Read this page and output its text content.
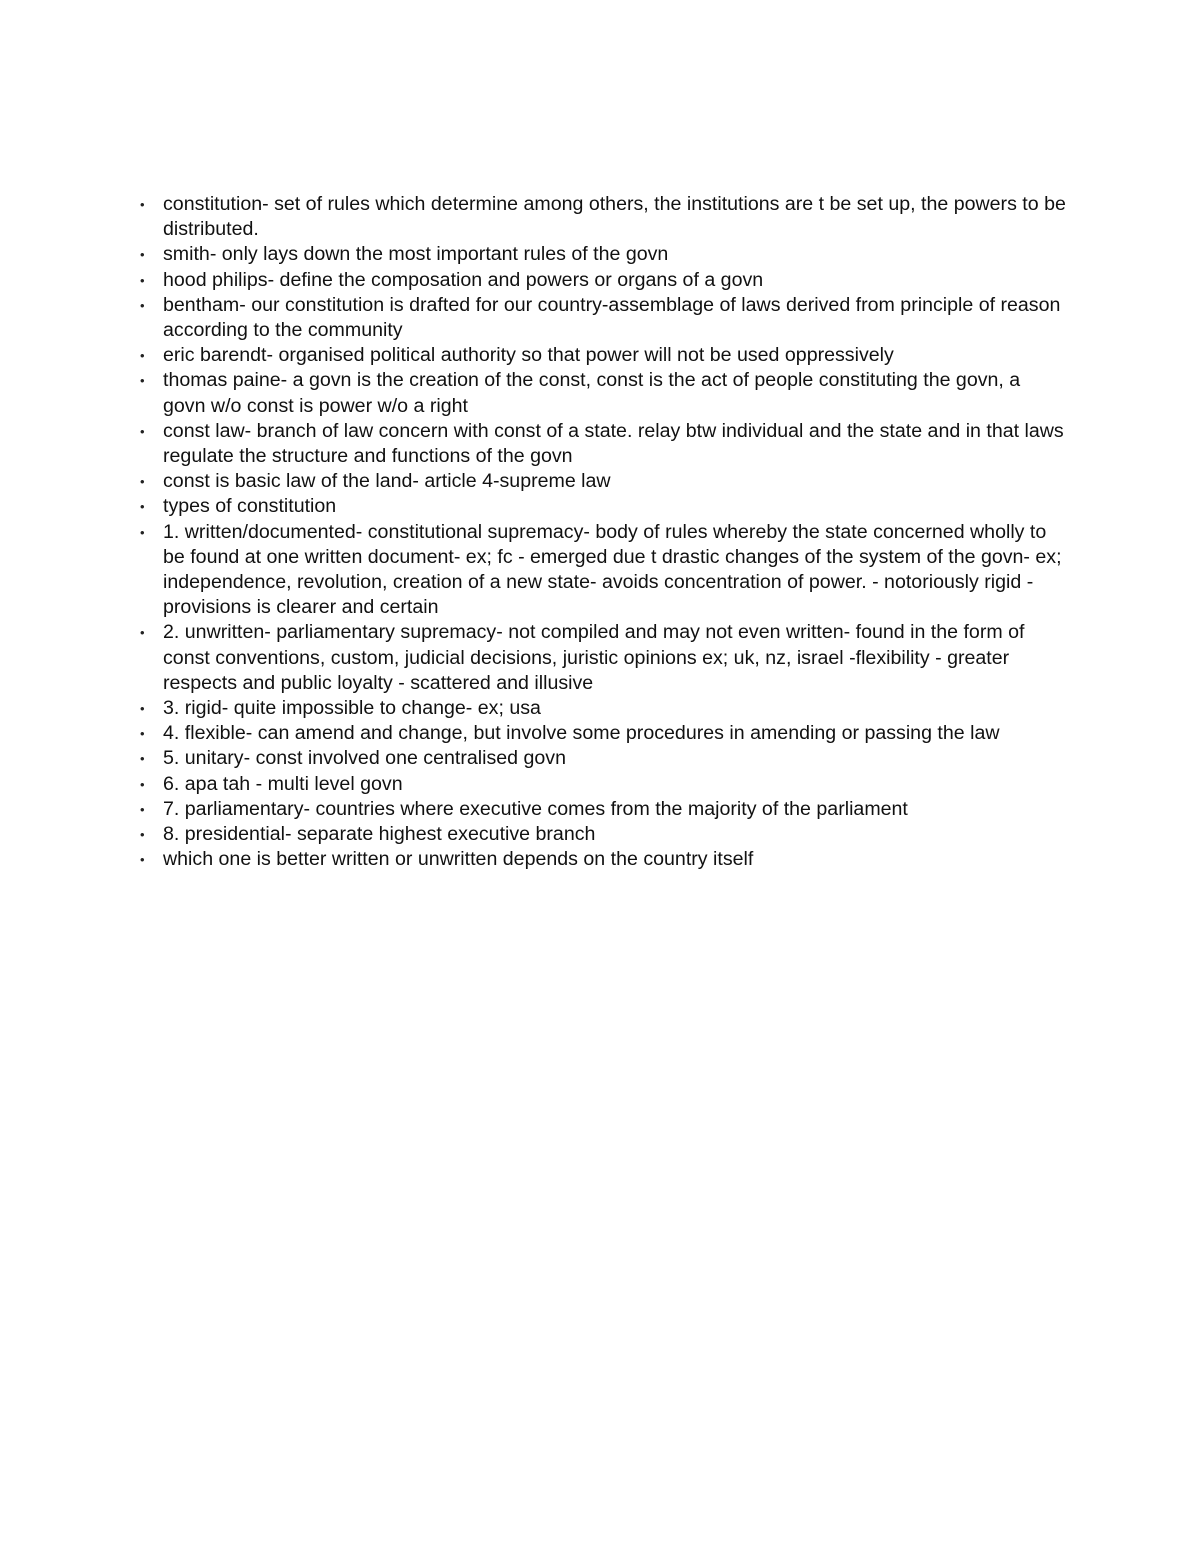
• constitution- set of rules which determine among others, the institutions are t be set up, the powers to be distributed.
• smith- only lays down the most important rules of the govn
• hood philips- define the composation and powers or organs of a govn
• bentham- our constitution is drafted for our country-assemblage of laws derived from principle of reason according to the community
• eric barendt- organised political authority so that power will not be used oppressively
• thomas paine- a govn is the creation of the const, const is the act of people constituting the govn, a govn w/o const is power w/o a right
• const law- branch of law concern with const of a state. relay btw individual and the state and in that laws regulate the structure and functions of the govn
• const is basic law of the land- article 4-supreme law
• types of constitution
• 1. written/documented- constitutional supremacy- body of rules whereby the state concerned wholly to be found at one written document- ex; fc - emerged due t drastic changes of the system of the govn- ex; independence, revolution, creation of a new state- avoids concentration of power. - notoriously rigid - provisions is clearer and certain
• 2. unwritten- parliamentary supremacy- not compiled and may not even written- found in the form of const conventions, custom, judicial decisions, juristic opinions ex; uk, nz, israel -flexibility - greater respects and public loyalty - scattered and illusive
• 3. rigid- quite impossible to change- ex; usa
• 4. flexible- can amend and change, but involve some procedures in amending or passing the law
• 5. unitary- const involved one centralised govn
• 6. apa tah - multi level govn
• 7. parliamentary- countries where executive comes from the majority of the parliament
• 8. presidential- separate highest executive branch
• which one is better written or unwritten depends on the country itself
